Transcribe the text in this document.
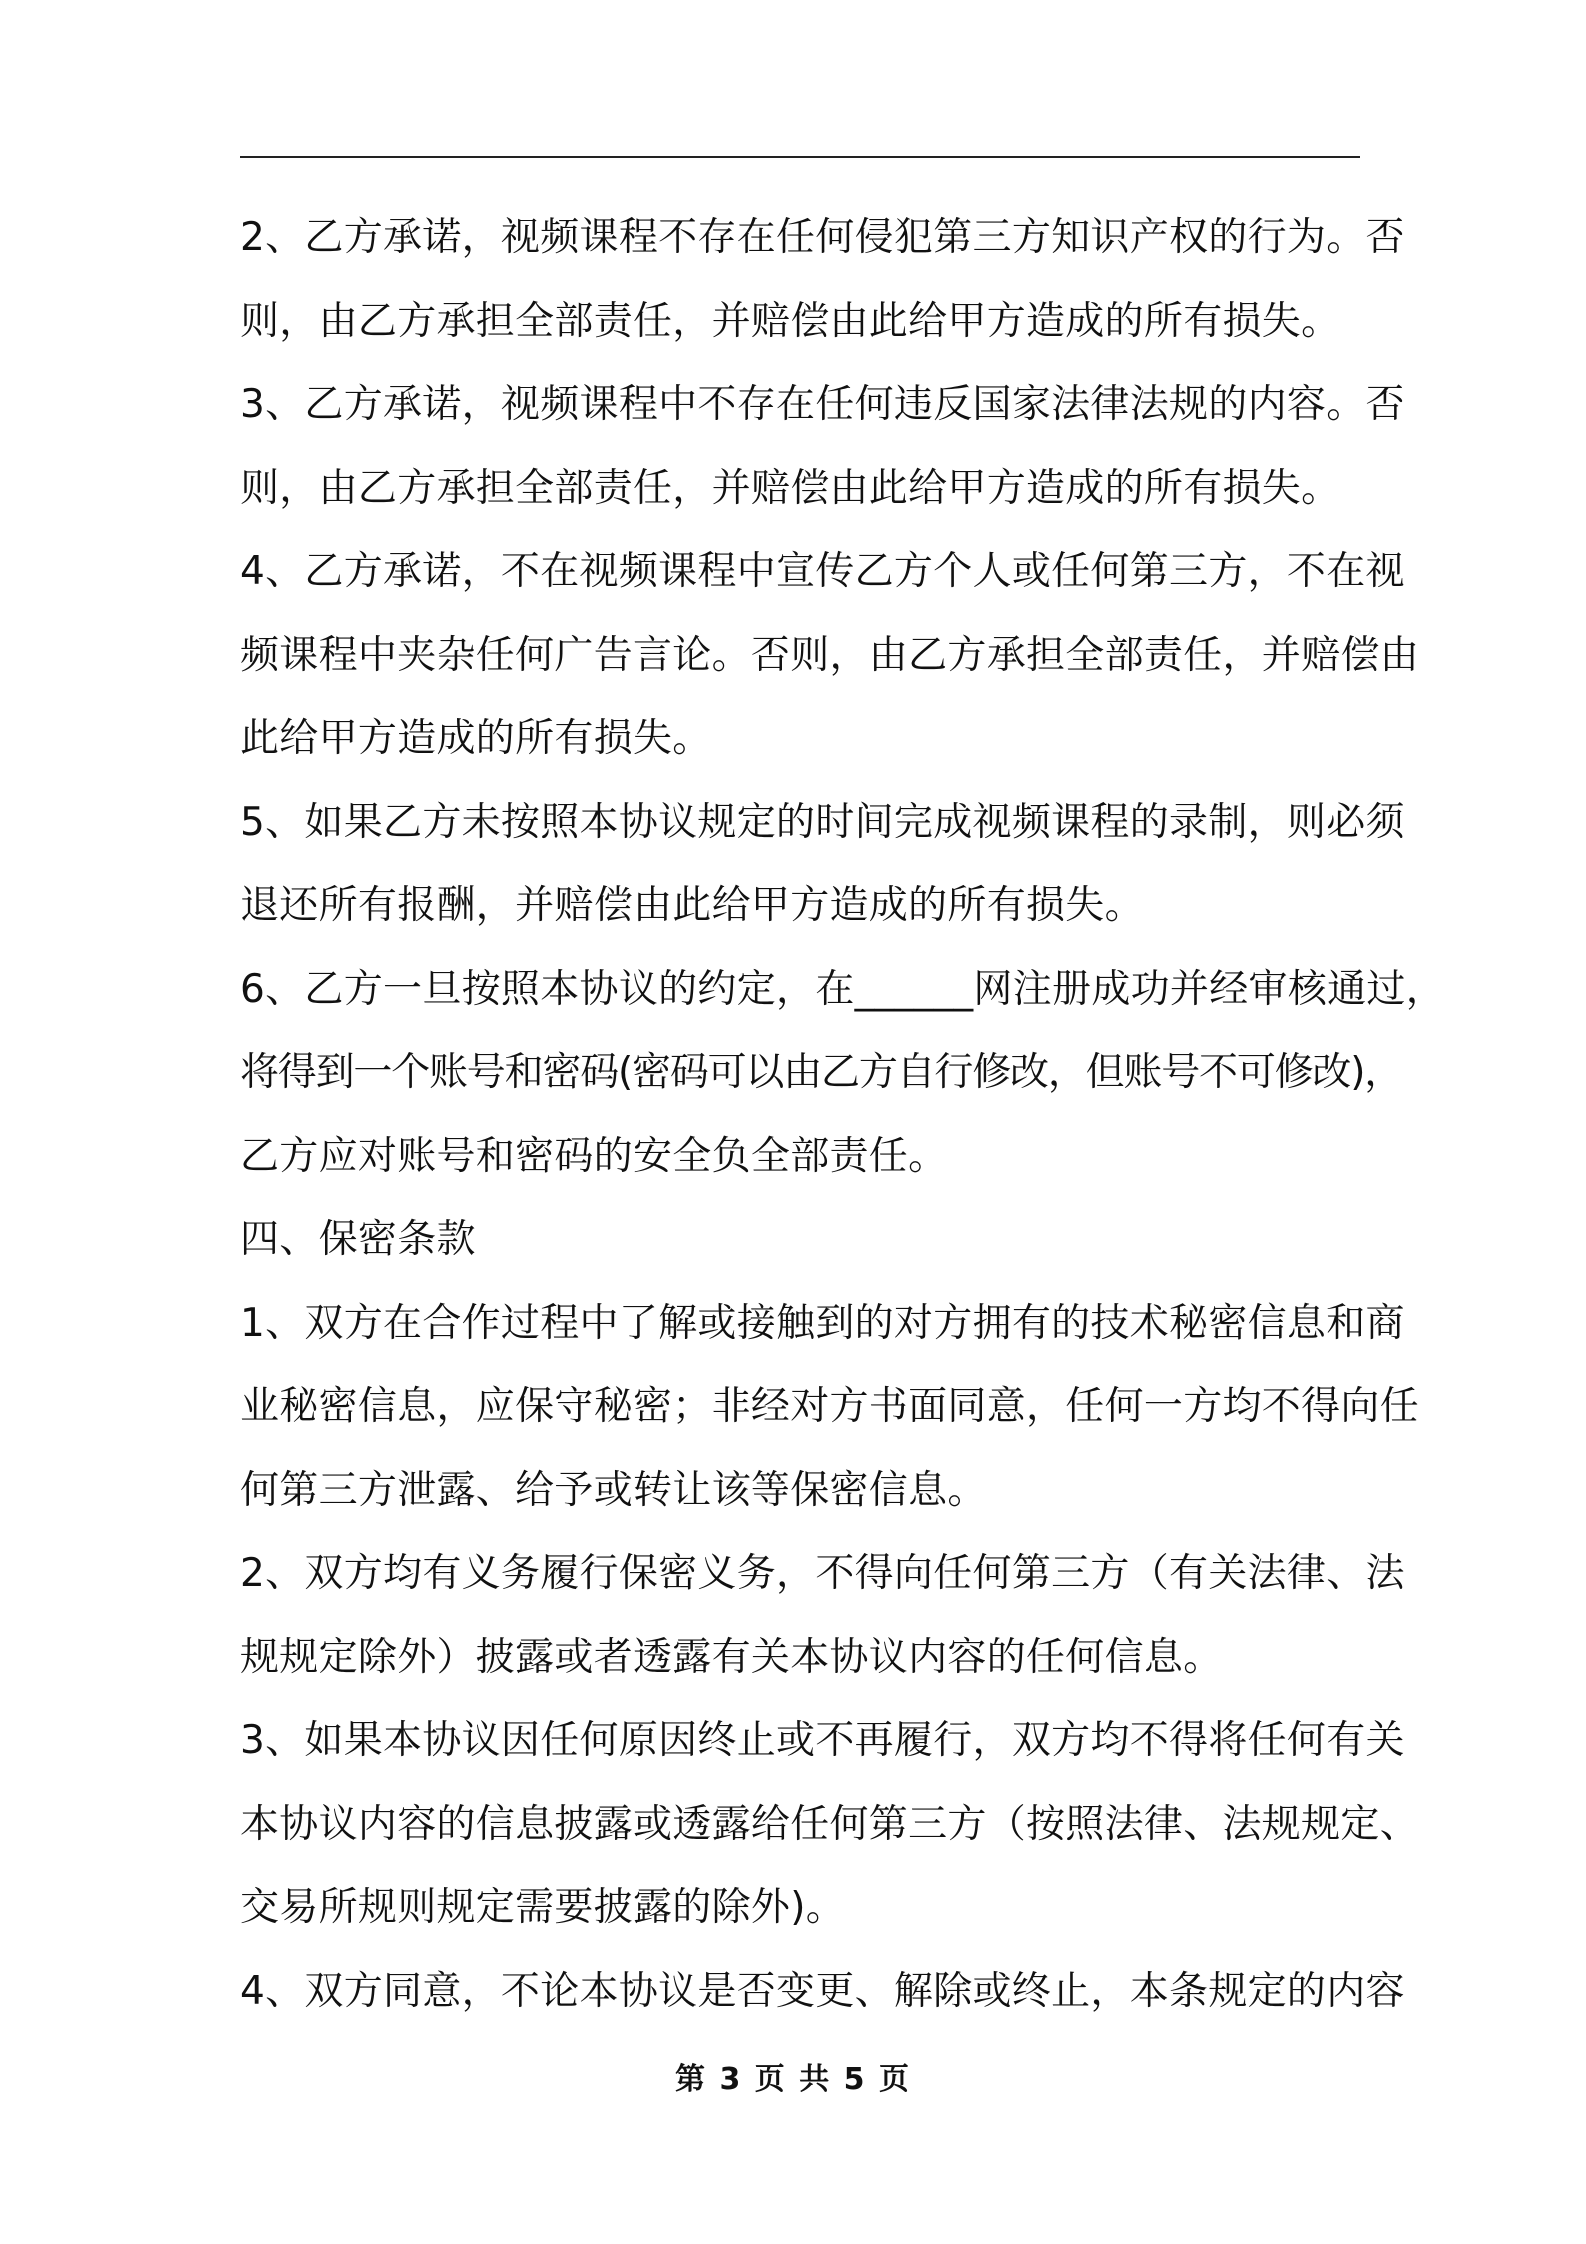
2、乙方承诺，视频课程不存在任何侵犯第三方知识产权的行为。否
则，由乙方承担全部责任，并赔偿由此给甲方造成的所有损失。
3、乙方承诺，视频课程中不存在任何违反国家法律法规的内容。否
则，由乙方承担全部责任，并赔偿由此给甲方造成的所有损失。
4、乙方承诺，不在视频课程中宣传乙方个人或任何第三方，不在视
频课程中夹杂任何广告言论。否则，由乙方承担全部责任，并赔偿由
此给甲方造成的所有损失。
5、如果乙方未按照本协议规定的时间完成视频课程的录制，则必须
退还所有报酬，并赔偿由此给甲方造成的所有损失。
6、乙方一旦按照本协议的约定，在______网注册成功并经审核通过，
将得到一个账号和密码(密码可以由乙方自行修改，但账号不可修改)，
乙方应对账号和密码的安全负全部责任。
四、保密条款
1、双方在合作过程中了解或接触到的对方拥有的技术秘密信息和商
业秘密信息，应保守秘密；非经对方书面同意，任何一方均不得向任
何第三方泄露、给予或转让该等保密信息。
2、双方均有义务履行保密义务，不得向任何第三方（有关法律、法
规规定除外）披露或者透露有关本协议内容的任何信息。
3、如果本协议因任何原因终止或不再履行，双方均不得将任何有关
本协议内容的信息披露或透露给任何第三方（按照法律、法规规定、
交易所规则规定需要披露的除外)。
4、双方同意，不论本协议是否变更、解除或终止，本条规定的内容
第 3 页 共 5 页
